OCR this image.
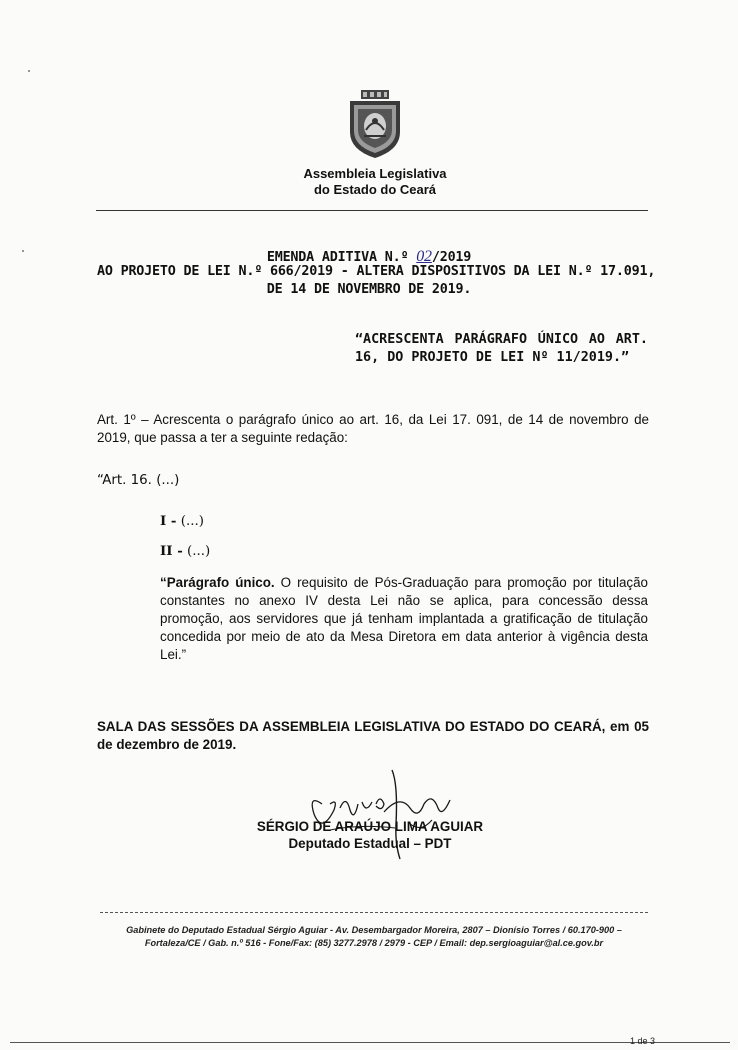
Assembleia Legislativa
do Estado do Ceará
EMENDA ADITIVA N.º 02/2019
AO PROJETO DE LEI N.º 666/2019 - ALTERA DISPOSITIVOS DA LEI N.º 17.091,
DE 14 DE NOVEMBRO DE 2019.
“ACRESCENTA PARÁGRAFO ÚNICO AO ART. 16, DO PROJETO DE LEI Nº 11/2019.”
Art. 1º – Acrescenta o parágrafo único ao art. 16, da Lei 17. 091, de 14 de novembro de 2019, que passa a ter a seguinte redação:
“Art. 16. (...)
I - (...)
II - (...)
“Parágrafo único. O requisito de Pós-Graduação para promoção por titulação constantes no anexo IV desta Lei não se aplica, para concessão dessa promoção, aos servidores que já tenham implantada a gratificação de titulação concedida por meio de ato da Mesa Diretora em data anterior à vigência desta Lei.”
SALA DAS SESSÕES DA ASSEMBLEIA LEGISLATIVA DO ESTADO DO CEARÁ, em 05 de dezembro de 2019.
SÉRGIO DE ARAÚJO LIMA AGUIAR
Deputado Estadual – PDT
Gabinete do Deputado Estadual Sérgio Aguiar - Av. Desembargador Moreira, 2807 – Dionísio Torres / 60.170-900 –
Fortaleza/CE / Gab. n.º 516 - Fone/Fax: (85) 3277.2978 / 2979 - CEP / Email: dep.sergioaguiar@al.ce.gov.br
1 de 3
